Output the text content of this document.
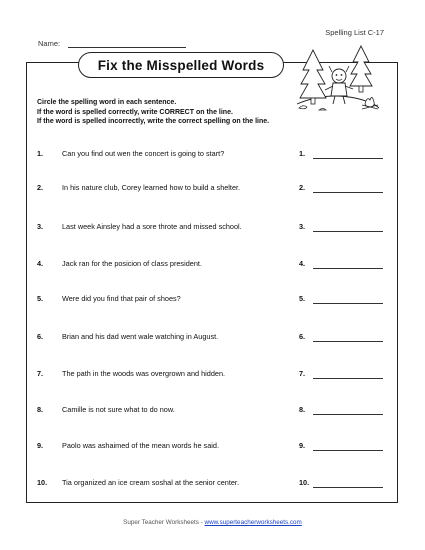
Spelling List C-17
Name:
Fix the Misspelled Words
Circle the spelling word in each sentence.
If the word is spelled correctly, write CORRECT on the line.
If the word is spelled incorrectly, write the correct spelling on the line.
1.	Can you find out wen the concert is going to start?	1.
2.	In his nature club, Corey learned how to build a shelter.	2.
3.	Last week Ainsley had a sore throte and missed school.	3.
4.	Jack ran for the posicion of class president.	4.
5.	Were did you find that pair of shoes?	5.
6.	Brian and his dad went wale watching in August.	6.
7.	The path in the woods was overgrown and hidden.	7.
8.	Camille is not sure what to do now.	8.
9.	Paolo was ashaimed of the mean words he said.	9.
10. Tia organized an ice cream soshal at the senior center.	10.
Super Teacher Worksheets - www.superteacherworksheets.com
